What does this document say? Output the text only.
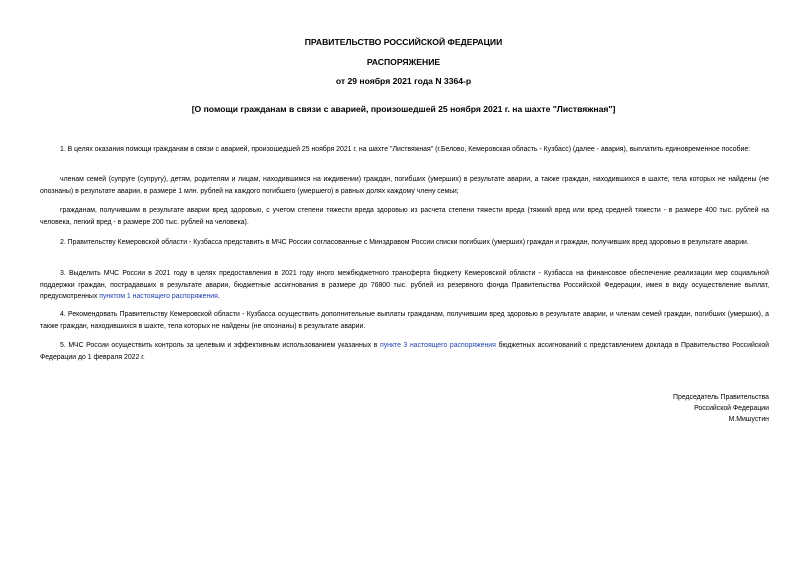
ПРАВИТЕЛЬСТВО РОССИЙСКОЙ ФЕДЕРАЦИИ
РАСПОРЯЖЕНИЕ
от 29 ноября 2021 года N 3364-р
[О помощи гражданам в связи с аварией, произошедшей 25 ноября 2021 г. на шахте "Листвяжная"]
1. В целях оказания помощи гражданам в связи с аварией, произошедшей 25 ноября 2021 г. на шахте "Листвяжная" (г.Белово, Кемеровская область - Кузбасс) (далее - авария), выплатить единовременное пособие:
членам семей (супруге (супругу), детям, родителям и лицам, находившимся на иждивении) граждан, погибших (умерших) в результате аварии, а также граждан, находившихся в шахте, тела которых не найдены (не опознаны) в результате аварии, в размере 1 млн. рублей на каждого погибшего (умершего) в равных долях каждому члену семьи;
гражданам, получившим в результате аварии вред здоровью, с учетом степени тяжести вреда здоровью из расчета степени тяжести вреда (тяжкий вред или вред средней тяжести - в размере 400 тыс. рублей на человека, легкий вред - в размере 200 тыс. рублей на человека).
2. Правительству Кемеровской области - Кузбасса представить в МЧС России согласованные с Минздравом России списки погибших (умерших) граждан и граждан, получивших вред здоровью в результате аварии.
3. Выделить МЧС России в 2021 году в целях предоставления в 2021 году иного межбюджетного трансферта бюджету Кемеровской области - Кузбасса на финансовое обеспечение реализации мер социальной поддержки граждан, пострадавших в результате аварии, бюджетные ассигнования в размере до 76800 тыс. рублей из резервного фонда Правительства Российской Федерации, имея в виду осуществление выплат, предусмотренных пунктом 1 настоящего распоряжения.
4. Рекомендовать Правительству Кемеровской области - Кузбасса осуществить дополнительные выплаты гражданам, получившим вред здоровью в результате аварии, и членам семей граждан, погибших (умерших), а также граждан, находившихся в шахте, тела которых не найдены (не опознаны) в результате аварии.
5. МЧС России осуществить контроль за целевым и эффективным использованием указанных в пункте 3 настоящего распоряжения бюджетных ассигнований с представлением доклада в Правительство Российской Федерации до 1 февраля 2022 г.
Председатель Правительства
Российской Федерации
М.Мишустин
